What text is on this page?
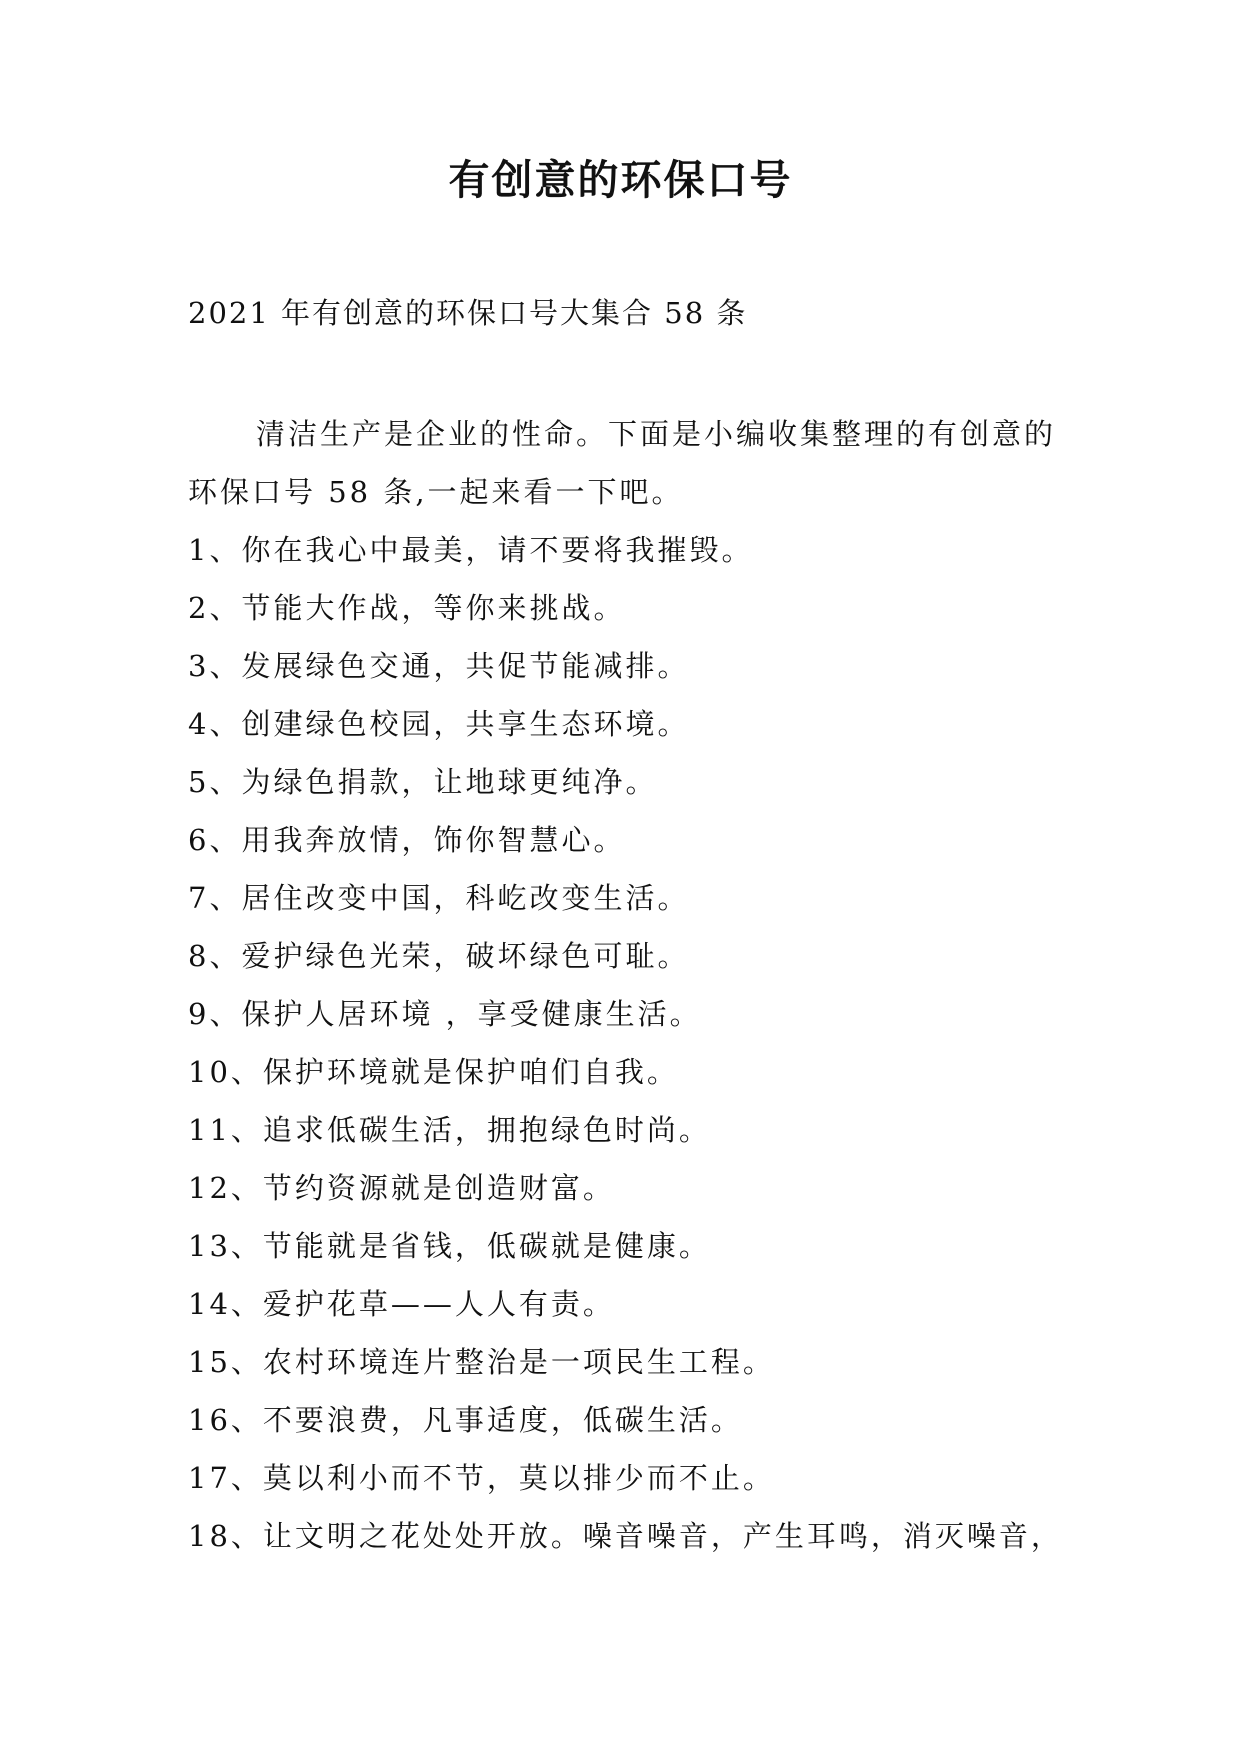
有创意的环保口号
2021 年有创意的环保口号大集合 58 条

清洁生产是企业的性命。下面是小编收集整理的有创意的环保口号 58 条,一起来看一下吧。

1、你在我心中最美，请不要将我摧毁。
2、节能大作战，等你来挑战。
3、发展绿色交通，共促节能减排。
4、创建绿色校园，共享生态环境。
5、为绿色捐款，让地球更纯净。
6、用我奔放情，饰你智慧心。
7、居住改变中国，科屹改变生活。
8、爱护绿色光荣，破坏绿色可耻。
9、保护人居环境 ，享受健康生活。
10、保护环境就是保护咱们自我。
11、追求低碳生活，拥抱绿色时尚。
12、节约资源就是创造财富。
13、节能就是省钱，低碳就是健康。
14、爱护花草——人人有责。
15、农村环境连片整治是一项民生工程。
16、不要浪费，凡事适度，低碳生活。
17、莫以利小而不节，莫以排少而不止。
18、让文明之花处处开放。噪音噪音，产生耳鸣，消灭噪音，
